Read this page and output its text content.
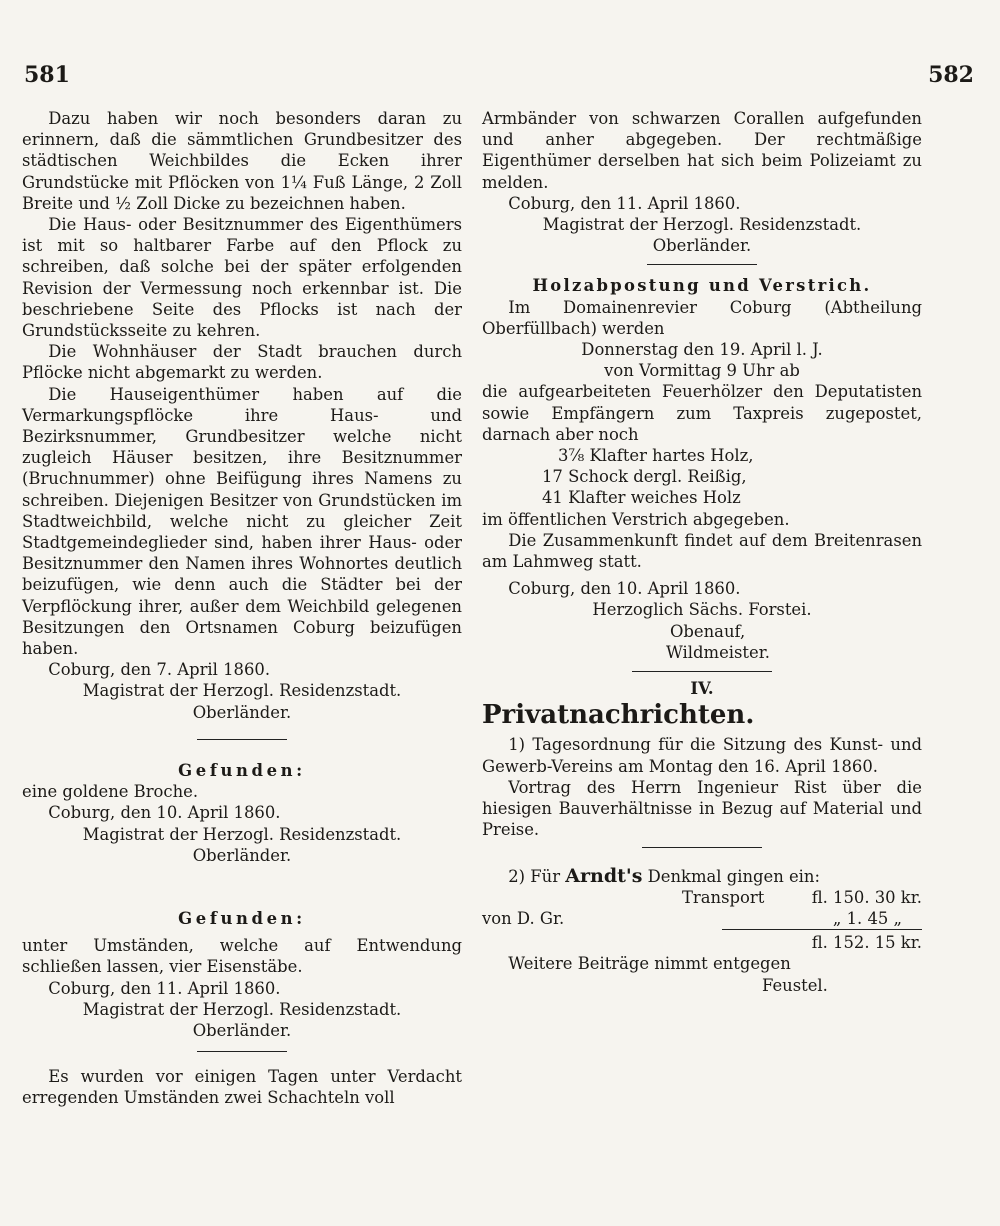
581	582

Dazu haben wir noch besonders daran zu erinnern, daß die sämmtlichen Grundbesitzer des städtischen Weichbildes die Ecken ihrer Grundstücke mit Pflöcken von 1¼ Fuß Länge, 2 Zoll Breite und ½ Zoll Dicke zu bezeichnen haben.

Die Haus- oder Besitznummer des Eigenthümers ist mit so haltbarer Farbe auf den Pflock zu schreiben, daß solche bei der später erfolgenden Revision der Vermessung noch erkennbar ist. Die beschriebene Seite des Pflocks ist nach der Grundstücksseite zu kehren.

Die Wohnhäuser der Stadt brauchen durch Pflöcke nicht abgemarkt zu werden.

Die Hauseigenthümer haben auf die Vermarkungspflöcke ihre Haus- und Bezirksnummer, Grundbesitzer welche nicht zugleich Häuser besitzen, ihre Besitznummer (Bruchnummer) ohne Beifügung ihres Namens zu schreiben. Diejenigen Besitzer von Grundstücken im Stadtweichbild, welche nicht zu gleicher Zeit Stadtgemeindeglieder sind, haben ihrer Haus- oder Besitznummer den Namen ihres Wohnortes deutlich beizufügen, wie denn auch die Städter bei der Verpflöckung ihrer, außer dem Weichbild gelegenen Besitzungen den Ortsnamen Coburg beizufügen haben.

Coburg, den 7. April 1860.

Magistrat der Herzogl. Residenzstadt.

Oberländer.

Gefunden:

eine goldene Broche.

Coburg, den 10. April 1860.

Magistrat der Herzogl. Residenzstadt.

Oberländer.

Gefunden:

unter Umständen, welche auf Entwendung schließen lassen, vier Eisenstäbe.

Coburg, den 11. April 1860.

Magistrat der Herzogl. Residenzstadt.

Oberländer.

Es wurden vor einigen Tagen unter Verdacht erregenden Umständen zwei Schachteln voll

Armbänder von schwarzen Corallen aufgefunden und anher abgegeben. Der rechtmäßige Eigenthümer derselben hat sich beim Polizeiamt zu melden.

Coburg, den 11. April 1860.

Magistrat der Herzogl. Residenzstadt.

Oberländer.

Holzabpostung und Verstrich.

Im Domainenrevier Coburg (Abtheilung Oberfüllbach) werden

Donnerstag den 19. April l. J.

von Vormittag 9 Uhr ab

die aufgearbeiteten Feuerhölzer den Deputatisten sowie Empfängern zum Taxpreis zugepostet, darnach aber noch

3⅞ Klafter hartes Holz,

17 Schock dergl. Reißig,

41 Klafter weiches Holz

im öffentlichen Verstrich abgegeben.

Die Zusammenkunft findet auf dem Breitenrasen am Lahmweg statt.

Coburg, den 10. April 1860.

Herzoglich Sächs. Forstei.

Obenauf,

Wildmeister.

IV.

Privatnachrichten.

1) Tagesordnung für die Sitzung des Kunst- und Gewerb-Vereins am Montag den 16. April 1860.

Vortrag des Herrn Ingenieur Rist über die hiesigen Bauverhältnisse in Bezug auf Material und Preise.

2) Für Arndt's Denkmal gingen ein:

Transport	fl. 150. 30 kr.
von D. Gr.	„ 1. 45 „
fl. 152. 15 kr.

Weitere Beiträge nimmt entgegen

Feustel.
